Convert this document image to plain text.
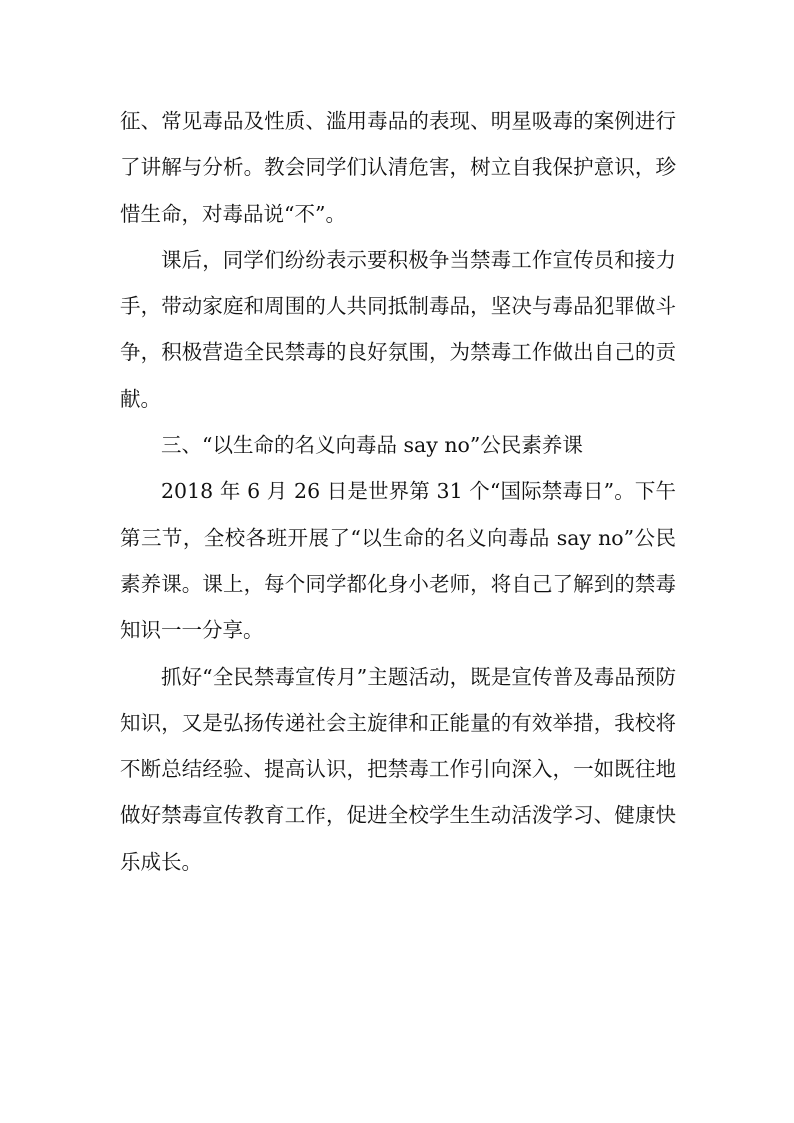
征、常见毒品及性质、滥用毒品的表现、明星吸毒的案例进行了讲解与分析。教会同学们认清危害，树立自我保护意识，珍惜生命，对毒品说“不”。

课后，同学们纷纷表示要积极争当禁毒工作宣传员和接力手，带动家庭和周围的人共同抵制毒品，坚决与毒品犯罪做斗争，积极营造全民禁毒的良好氛围，为禁毒工作做出自己的贡献。

三、“以生命的名义向毒品 say no”公民素养课

2018 年 6 月 26 日是世界第 31 个“国际禁毒日”。下午第三节，全校各班开展了“以生命的名义向毒品 say no”公民素养课。课上，每个同学都化身小老师，将自己了解到的禁毒知识一一分享。

抓好“全民禁毒宣传月”主题活动，既是宣传普及毒品预防知识，又是弘扬传递社会主旋律和正能量的有效举措，我校将不断总结经验、提高认识，把禁毒工作引向深入，一如既往地做好禁毒宣传教育工作，促进全校学生生动活泼学习、健康快乐成长。
